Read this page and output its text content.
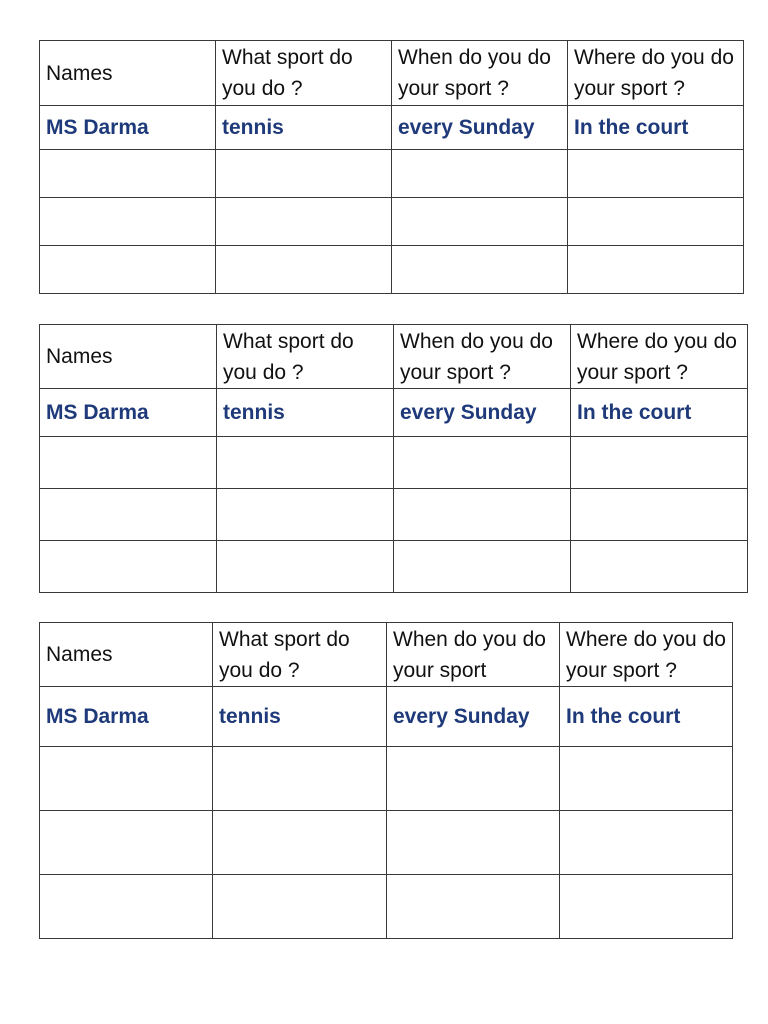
Names	What sport do you do ?	When do you do your sport ?	Where do you do your sport ?
MS Darma	tennis	every Sunday	In the court

Names	What sport do you do ?	When do you do your sport ?	Where do you do your sport ?
MS Darma	tennis	every Sunday	In the court

Names	What sport do you do ?	When do you do your sport	Where do you do your sport ?
MS Darma	tennis	every Sunday	In the court
